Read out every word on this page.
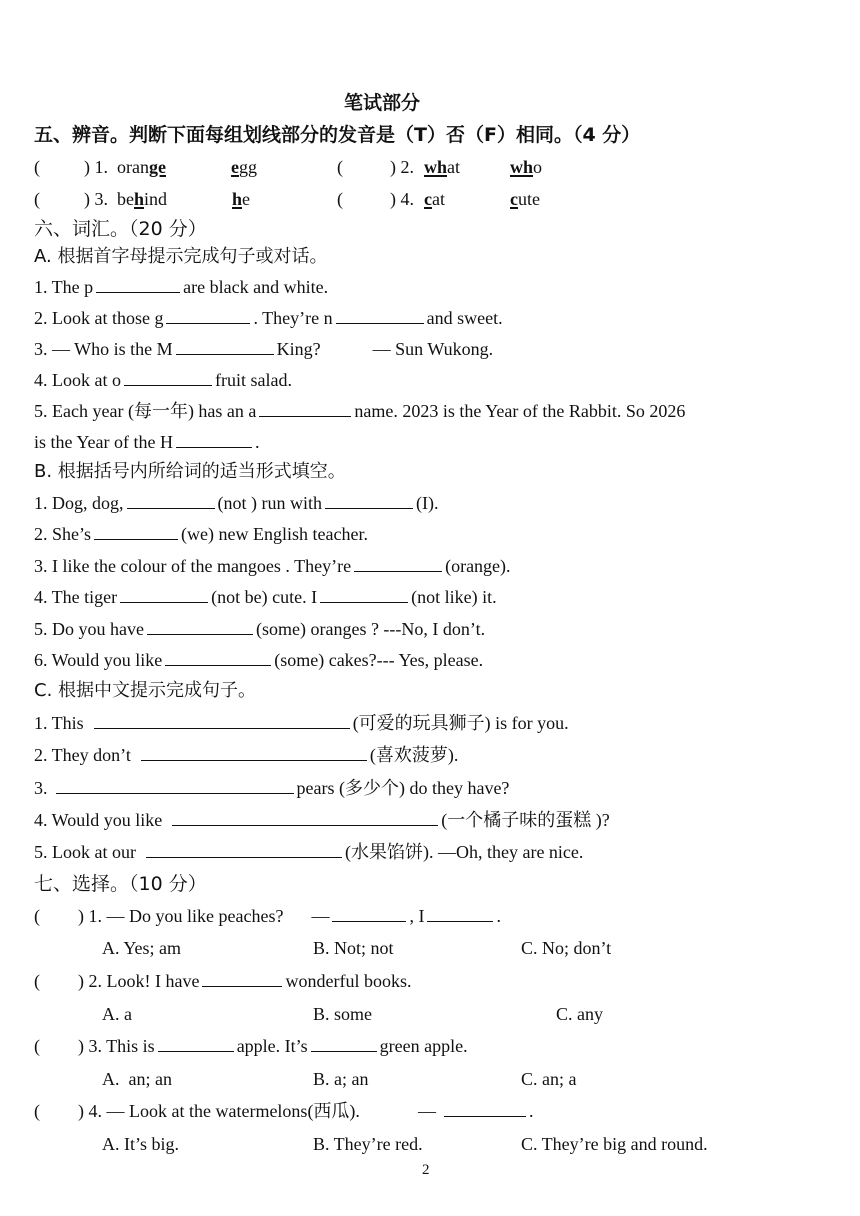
笔试部分
五、辨音。判断下面每组划线部分的发音是（T）否（F）相同。（4 分）
( ) 1. orange	egg	(	) 2. what	who
( ) 3. behind	he	(	) 4. cat	cute
六、词汇。（20 分）
A. 根据首字母提示完成句子或对话。
1. The p	are black and white.
2. Look at those g	. They’re n	and sweet.
3. — Who is the M	King?	— Sun Wukong.
4. Look at o	fruit salad.
5. Each year (每一年) has an a	name. 2023 is the Year of the Rabbit. So 2026
is the Year of the H	.
B. 根据括号内所给词的适当形式填空。
1. Dog, dog,	(not ) run with	(I).
2. She’s	(we) new English teacher.
3. I like the colour of the mangoes . They’re	(orange).
4. The tiger	(not be) cute. I	(not like) it.
5. Do you have	(some) oranges ? ---No, I don’t.
6. Would you like	(some) cakes?--- Yes, please.
C. 根据中文提示完成句子。
1. This	(可爱的玩具狮子) is for you.
2. They don’t	(喜欢菠萝).
3.	pears (多少个) do they have?
4. Would you like	(一个橘子味的蛋糕 )?
5. Look at our	(水果馅饼). —Oh, they are nice.
七、选择。（10 分）
( ) 1. — Do you like peaches? —	, I	.
A. Yes; am	B. Not; not	C. No; don’t
( ) 2. Look! I have	wonderful books.
A. a	B. some	C. any
( ) 3. This is	apple. It’s	green apple.
A.  an; an	B. a; an	C. an; a
( ) 4. — Look at the watermelons(西瓜).	—	.
A. It’s big.	B. They’re red.	C. They’re big and round.
2
